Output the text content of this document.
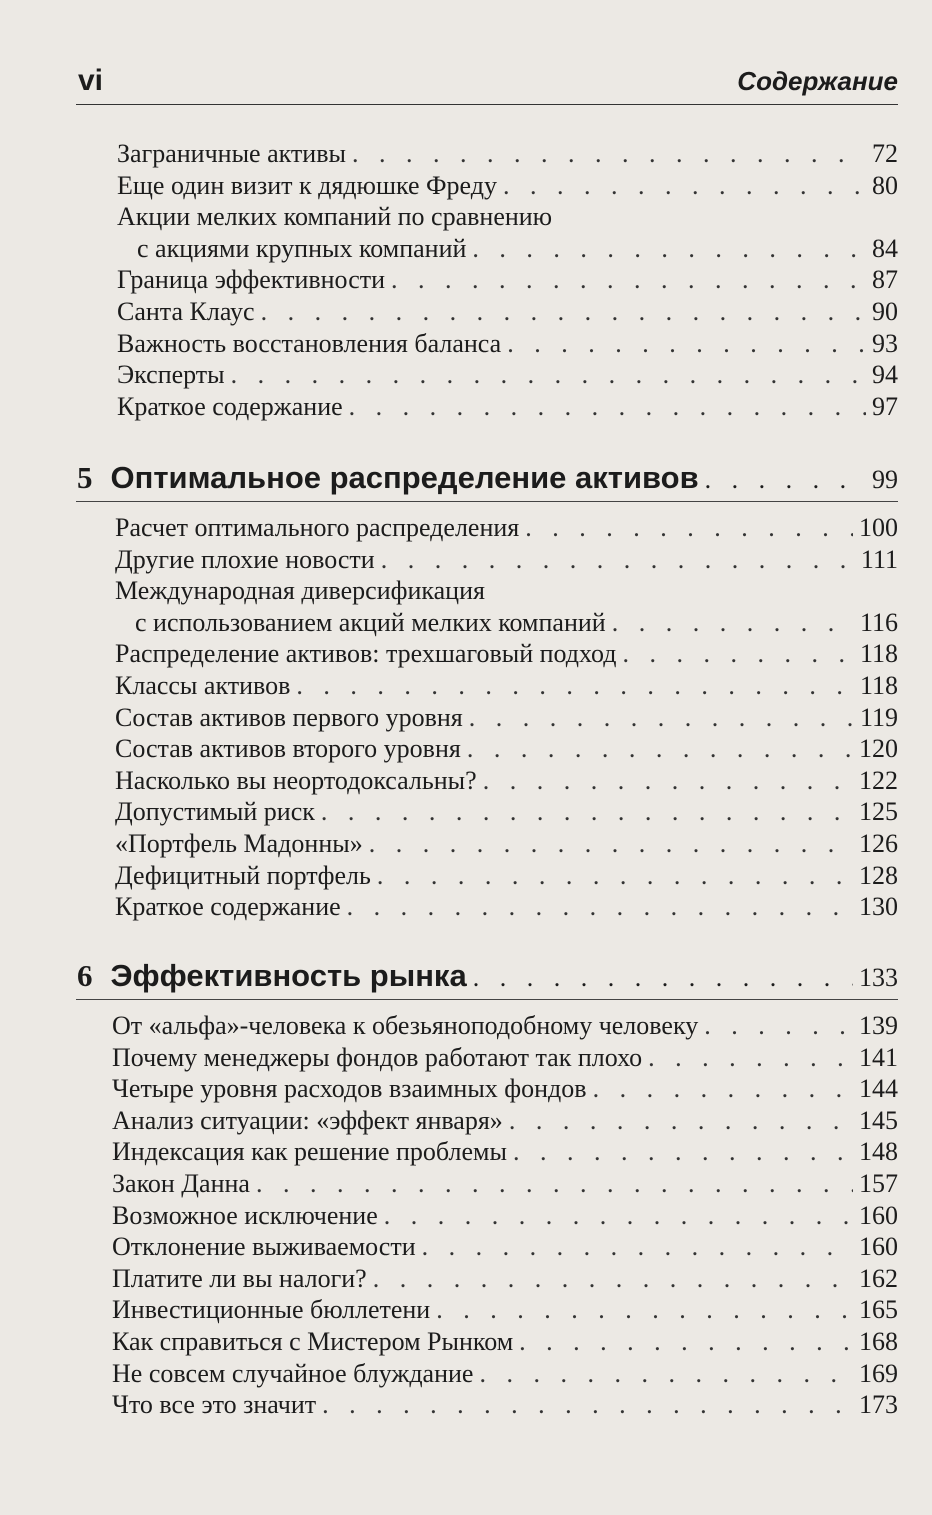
vi	Содержание
Заграничные активы . . .	72
Еще один визит к дядюшке Фреду . . .	80
Акции мелких компаний по сравнению
с акциями крупных компаний . . .	84
Граница эффективности . . .	87
Санта Клаус . . .	90
Важность восстановления баланса . . .	93
Эксперты . . .	94
Краткое содержание . . .	97
5 Оптимальное распределение активов . . .	99
Расчет оптимального распределения . . .	100
Другие плохие новости . . .	111
Международная диверсификация
с использованием акций мелких компаний . . .	116
Распределение активов: трехшаговый подход . . .	118
Классы активов . . .	118
Состав активов первого уровня . . .	119
Состав активов второго уровня . . .	120
Насколько вы неортодоксальны? . . .	122
Допустимый риск . . .	125
«Портфель Мадонны» . . .	126
Дефицитный портфель . . .	128
Краткое содержание . . .	130
6 Эффективность рынка . . .	133
От «альфа»-человека к обезьяноподобному человеку . . .	139
Почему менеджеры фондов работают так плохо . . .	141
Четыре уровня расходов взаимных фондов . . .	144
Анализ ситуации: «эффект января» . . .	145
Индексация как решение проблемы . . .	148
Закон Данна . . .	157
Возможное исключение . . .	160
Отклонение выживаемости . . .	160
Платите ли вы налоги? . . .	162
Инвестиционные бюллетени . . .	165
Как справиться с Мистером Рынком . . .	168
Не совсем случайное блуждание . . .	169
Что все это значит . . .	173
